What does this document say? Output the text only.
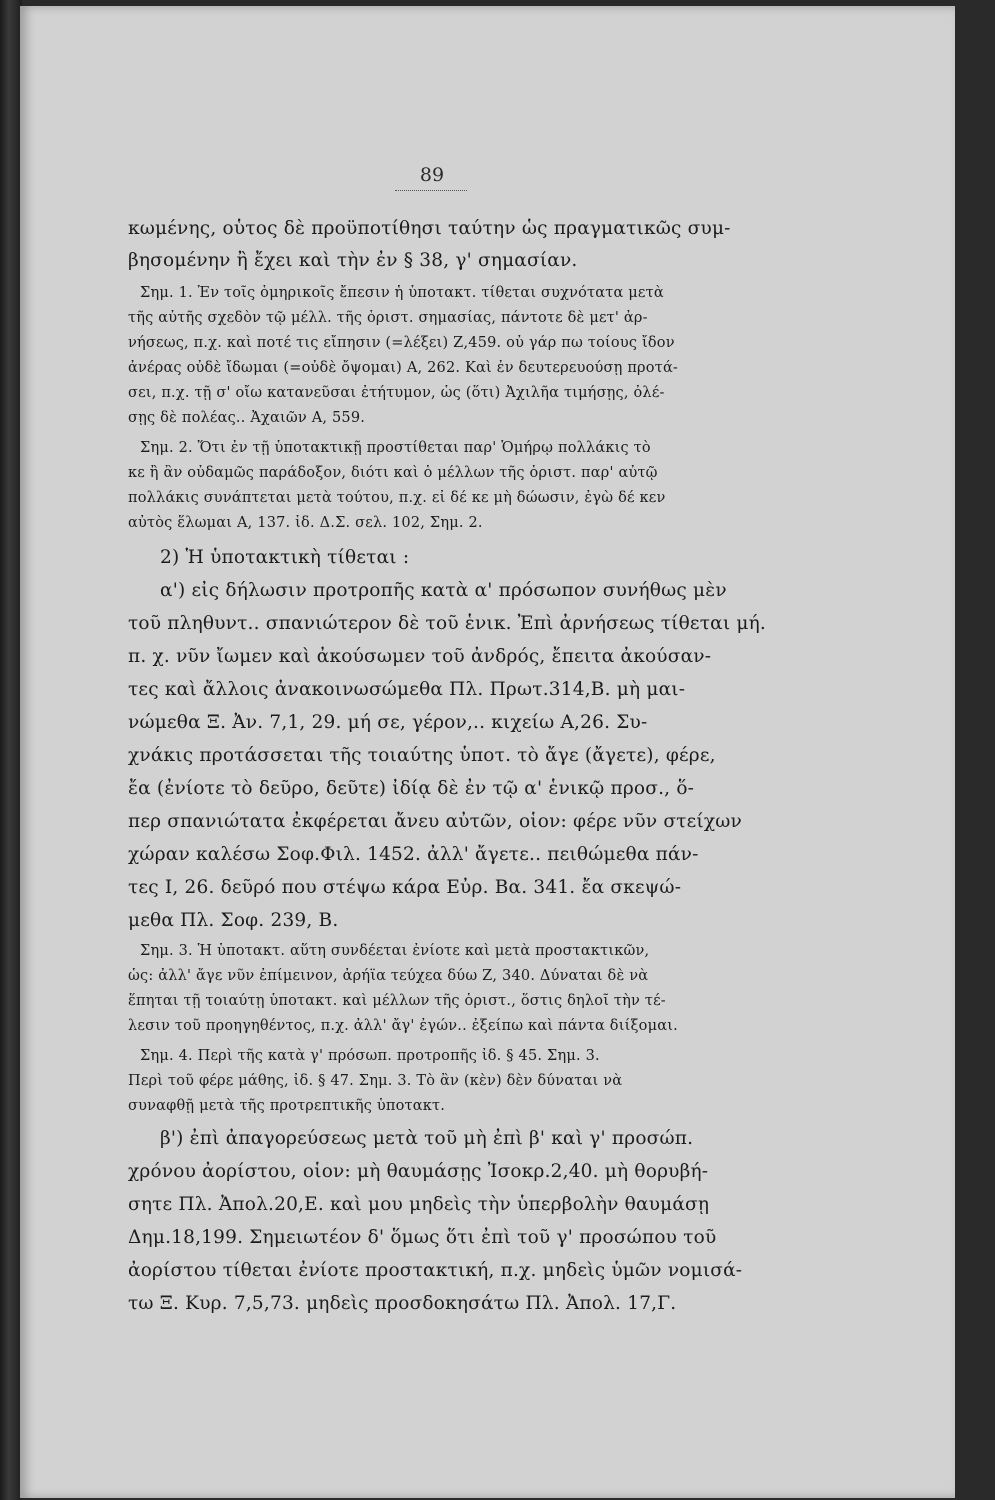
89
κωμένης, οὗτος δὲ προϋποτίθησι ταύτην ὡς πραγματικῶς συμ-
βησομένην ἢ ἔχει καὶ τὴν ἐν § 38, γ' σημασίαν.
Σημ. 1. Ἐν τοῖς ὁμηρικοῖς ἔπεσιν ἡ ὑποτακτ. τίθεται συχνότατα μετὰ
τῆς αὐτῆς σχεδὸν τῷ μέλλ. τῆς ὁριστ. σημασίας, πάντοτε δὲ μετ' ἀρ-
νήσεως, π.χ. καὶ ποτέ τις εἴπησιν (=λέξει) Ζ,459. οὐ γάρ πω τοίους ἴδον
ἀνέρας οὐδὲ ἴδωμαι (=οὐδὲ ὄψομαι) Α, 262. Καὶ ἐν δευτερευούσῃ προτά-
σει, π.χ. τῇ σ' οἴω κατανεῦσαι ἐτήτυμον, ὡς (ὅτι) Ἀχιλῆα τιμήσῃς, ὀλέ-
σῃς δὲ πολέας.. Ἀχαιῶν Α, 559.
Σημ. 2. Ὅτι ἐν τῇ ὑποτακτικῇ προστίθεται παρ' Ὁμήρῳ πολλάκις τὸ
κε ἢ ἂν οὐδαμῶς παράδοξον, διότι καὶ ὁ μέλλων τῆς ὁριστ. παρ' αὐτῷ
πολλάκις συνάπτεται μετὰ τούτου, π.χ. εἰ δέ κε μὴ δώωσιν, ἐγὼ δέ κεν
αὐτὸς ἕλωμαι Α, 137. ἰδ. Δ.Σ. σελ. 102, Σημ. 2.
2) Ἡ ὑποτακτικὴ τίθεται :
α') εἰς δήλωσιν προτροπῆς κατὰ α' πρόσωπον συνήθως μὲν
τοῦ πληθυντ.. σπανιώτερον δὲ τοῦ ἑνικ. Ἐπὶ ἀρνήσεως τίθεται μή.
π. χ. νῦν ἴωμεν καὶ ἀκούσωμεν τοῦ ἀνδρός, ἔπειτα ἀκούσαν-
τες καὶ ἄλλοις ἀνακοινωσώμεθα Πλ. Πρωτ.314,Β. μὴ μαι-
νώμεθα Ξ. Ἀν. 7,1, 29. μή σε, γέρον,.. κιχείω Α,26. Συ-
χνάκις προτάσσεται τῆς τοιαύτης ὑποτ. τὸ ἄγε (ἄγετε), φέρε,
ἔα (ἐνίοτε τὸ δεῦρο, δεῦτε) ἰδίᾳ δὲ ἐν τῷ α' ἑνικῷ προσ., ὅ-
περ σπανιώτατα ἐκφέρεται ἄνευ αὐτῶν, οἷον: φέρε νῦν στείχων
χώραν καλέσω Σοφ.Φιλ. 1452. ἀλλ' ἄγετε.. πειθώμεθα πάν-
τες Ι, 26. δεῦρό που στέψω κάρα Εὐρ. Βα. 341. ἔα σκεψώ-
μεθα Πλ. Σοφ. 239, Β.
Σημ. 3. Ἡ ὑποτακτ. αὕτη συνδέεται ἐνίοτε καὶ μετὰ προστακτικῶν,
ὡς: ἀλλ' ἄγε νῦν ἐπίμεινον, ἀρήϊα τεύχεα δύω Ζ, 340. Δύναται δὲ νὰ
ἕπηται τῇ τοιαύτῃ ὑποτακτ. καὶ μέλλων τῆς ὁριστ., ὅστις δηλοῖ τὴν τέ-
λεσιν τοῦ προηγηθέντος, π.χ. ἀλλ' ἄγ' ἐγών.. ἐξείπω καὶ πάντα διίξομαι.
Σημ. 4. Περὶ τῆς κατὰ γ' πρόσωπ. προτροπῆς ἰδ. § 45. Σημ. 3.
Περὶ τοῦ φέρε μάθης, ἰδ. § 47. Σημ. 3. Τὸ ἂν (κὲν) δὲν δύναται νὰ
συναφθῇ μετὰ τῆς προτρεπτικῆς ὑποτακτ.
β') ἐπὶ ἀπαγορεύσεως μετὰ τοῦ μὴ ἐπὶ β' καὶ γ' προσώπ.
χρόνου ἀορίστου, οἷον: μὴ θαυμάσῃς Ἰσοκρ.2,40. μὴ θορυβή-
σητε Πλ. Ἀπολ.20,Ε. καὶ μου μηδεὶς τὴν ὑπερβολὴν θαυμάσῃ
Δημ.18,199. Σημειωτέον δ' ὅμως ὅτι ἐπὶ τοῦ γ' προσώπου τοῦ
ἀορίστου τίθεται ἐνίοτε προστακτική, π.χ. μηδεὶς ὑμῶν νομισά-
τω Ξ. Κυρ. 7,5,73. μηδεὶς προσδοκησάτω Πλ. Ἀπολ. 17,Γ.
